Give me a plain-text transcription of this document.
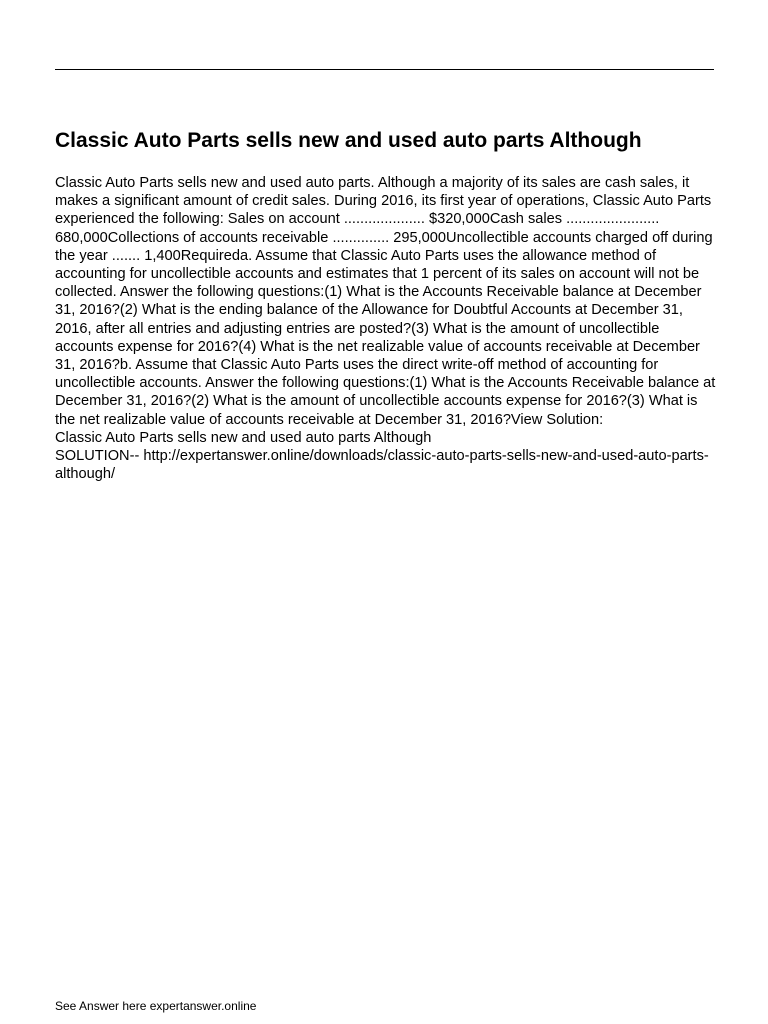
Classic Auto Parts sells new and used auto parts Although

Classic Auto Parts sells new and used auto parts. Although a majority of its sales are cash sales, it makes a significant amount of credit sales. During 2016, its first year of operations, Classic Auto Parts experienced the following: Sales on account .................... $320,000Cash sales ....................... 680,000Collections of accounts receivable .............. 295,000Uncollectible accounts charged off during the year ....... 1,400Requireda. Assume that Classic Auto Parts uses the allowance method of accounting for uncollectible accounts and estimates that 1 percent of its sales on account will not be collected. Answer the following questions:(1) What is the Accounts Receivable balance at December 31, 2016?(2) What is the ending balance of the Allowance for Doubtful Accounts at December 31, 2016, after all entries and adjusting entries are posted?(3) What is the amount of uncollectible accounts expense for 2016?(4) What is the net realizable value of accounts receivable at December 31, 2016?b. Assume that Classic Auto Parts uses the direct write-off method of accounting for uncollectible accounts. Answer the following questions:(1) What is the Accounts Receivable balance at December 31, 2016?(2) What is the amount of uncollectible accounts expense for 2016?(3) What is the net realizable value of accounts receivable at December 31, 2016?View Solution:

Classic Auto Parts sells new and used auto parts Although

SOLUTION-- http://expertanswer.online/downloads/classic-auto-parts-sells-new-and-used-auto-parts-although/

See Answer here expertanswer.online
